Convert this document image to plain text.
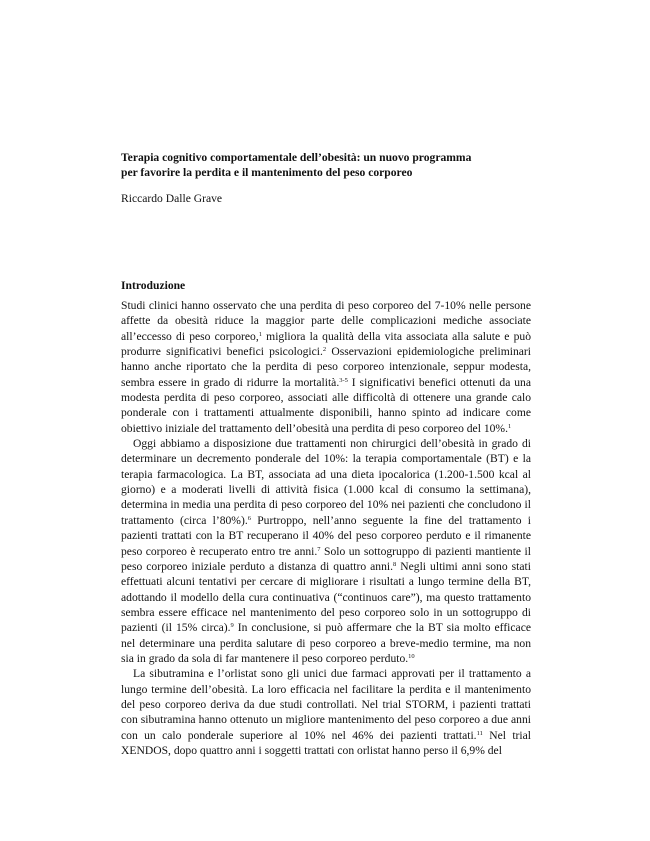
Terapia cognitivo comportamentale dell’obesità: un nuovo programma
per favorire la perdita e il mantenimento del peso corporeo
Riccardo Dalle Grave
Introduzione

Studi clinici hanno osservato che una perdita di peso corporeo del 7-10% nelle persone affette da obesità riduce la maggior parte delle complicazioni mediche associate all’eccesso di peso corporeo,$^1$ migliora la qualità della vita associata alla salute e può produrre significativi benefici psicologici.$^2$ Osservazioni epidemiologiche preliminari hanno anche riportato che la perdita di peso corporeo intenzionale, seppur modesta, sembra essere in grado di ridurre la mortalità.$^{3-5}$ I significativi benefici ottenuti da una modesta perdita di peso corporeo, associati alle difficoltà di ottenere una grande calo ponderale con i trattamenti attualmente disponibili, hanno spinto ad indicare come obiettivo iniziale del trattamento dell’obesità una perdita di peso corporeo del 10%.$^1$

Oggi abbiamo a disposizione due trattamenti non chirurgici dell’obesità in grado di determinare un decremento ponderale del 10%: la terapia comportamentale (BT) e la terapia farmacologica. La BT, associata ad una dieta ipocalorica (1.200-1.500 kcal al giorno) e a moderati livelli di attività fisica (1.000 kcal di consumo la settimana), determina in media una perdita di peso corporeo del 10% nei pazienti che concludono il trattamento (circa l’80%).$^6$ Purtroppo, nell’anno seguente la fine del trattamento i pazienti trattati con la BT recuperano il 40% del peso corporeo perduto e il rimanente peso corporeo è recuperato entro tre anni.$^7$ Solo un sottogruppo di pazienti mantiente il peso corporeo iniziale perduto a distanza di quattro anni.$^8$ Negli ultimi anni sono stati effettuati alcuni tentativi per cercare di migliorare i risultati a lungo termine della BT, adottando il modello della cura continuativa (“continuos care”), ma questo trattamento sembra essere efficace nel mantenimento del peso corporeo solo in un sottogruppo di pazienti (il 15% circa).$^9$ In conclusione, si può affermare che la BT sia molto efficace nel determinare una perdita salutare di peso corporeo a breve-medio termine, ma non sia in grado da sola di far mantenere il peso corporeo perduto.$^{10}$

La sibutramina e l’orlistat sono gli unici due farmaci approvati per il trattamento a lungo termine dell’obesità. La loro efficacia nel facilitare la perdita e il mantenimento del peso corporeo deriva da due studi controllati. Nel trial STORM, i pazienti trattati con sibutramina hanno ottenuto un migliore mantenimento del peso corporeo a due anni con un calo ponderale superiore al 10% nel 46% dei pazienti trattati.$^{11}$ Nel trial XENDOS, dopo quattro anni i soggetti trattati con orlistat hanno perso il 6,9% del
